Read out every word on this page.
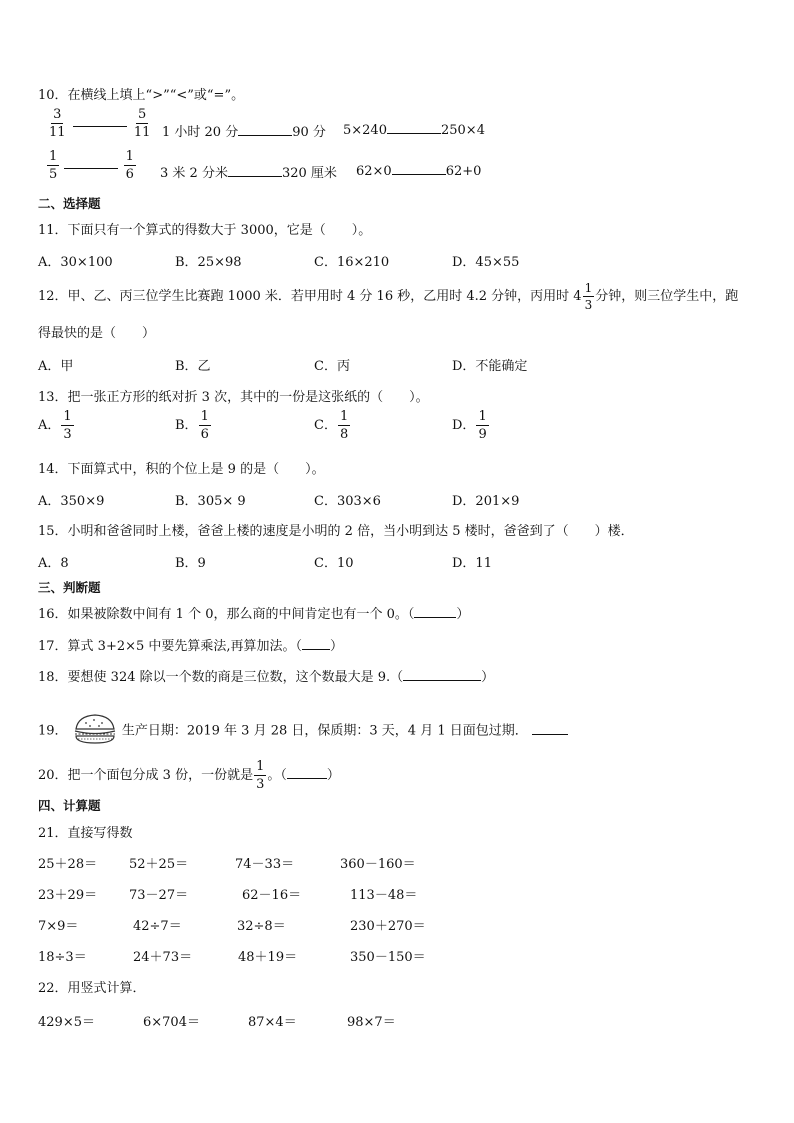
10．在横线上填上“>”“<”或“=”。
$\frac{3}{11}$
	$\frac{5}{11} 1$ 小时 20 分	90 分 5×240	250×4
$\frac{1}{5}$
	$\frac{1}{6} 3$ 米 2 分米	320 厘米 62×0	62+0
二、选择题
11．下面只有一个算式的得数大于 3000，它是（　　）。
A．30×100	B．25×98	C．16×210	D．45×55
12．甲、乙、丙三位学生比赛跑 1000 米．若甲用时 4 分 16 秒，乙用时 4.2 分钟，丙用时 $4 \frac{1}{3}$ 分钟，则三位学生中，跑
得最快的是（　　）
A．甲	B．乙	C．丙	D．不能确定
13．把一张正方形的纸对折 3 次，其中的一份是这张纸的（　　）。
A． $\frac{1}{3}$	B． $\frac{1}{6}$	C． $\frac{1}{8}$	D． $\frac{1}{9}$
14．下面算式中，积的个位上是 9 的是（　　）。
A．350×9	B．305× 9	C．303×6	D．201×9
15．小明和爸爸同时上楼，爸爸上楼的速度是小明的 2 倍，当小明到达 5 楼时，爸爸到了（　　）楼．
A．8	B．9	C．10	D．11
三、判断题
16．如果被除数中间有 1 个 0，那么商的中间肯定也有一个 0。（	）
17．算式 3+2×5 中要先算乘法,再算加法。（ ）
18．要想使 324 除以一个数的商是三位数，这个数最大是 9.（	）
19．	生产日期：2019 年 3 月 28 日，保质期：3 天，4 月 1 日面包过期．
20．把一个面包分成 3 份，一份就是 $\frac{1}{3}$ 。（	）
四、计算题
21．直接写得数
25＋28＝ 52＋25＝	74－33＝	360－160＝
23＋29＝ 73－27＝	62－16＝	113－48＝
7×9＝	42÷7＝	32÷8＝	230＋270＝
18÷3＝	24＋73＝	48＋19＝	350－150＝
22．用竖式计算．
429×5＝	6×704＝	87×4＝	98×7＝
